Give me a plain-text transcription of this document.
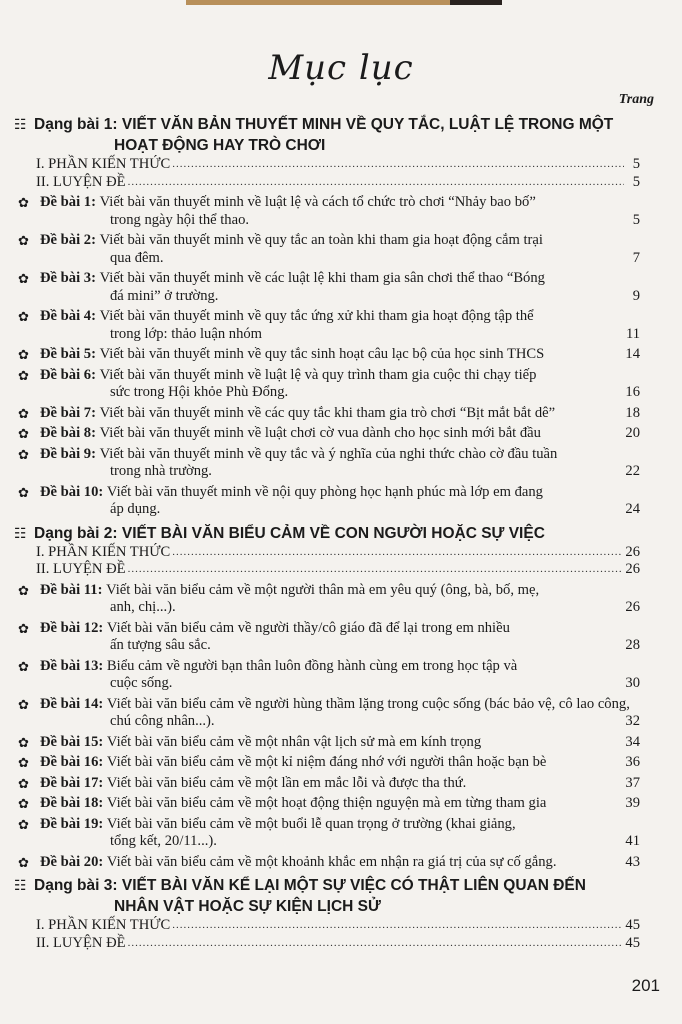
Mục lục
Trang
☷ Dạng bài 1: VIẾT VĂN BẢN THUYẾT MINH VỀ QUY TẮC, LUẬT LỆ TRONG MỘT
HOẠT ĐỘNG HAY TRÒ CHƠI
I. PHẦN KIẾN THỨC .....	5
II. LUYỆN ĐỀ .....	5
✿ Đề bài 1:
Viết bài văn thuyết minh về luật lệ và cách tổ chức trò chơi “Nhảy bao bố”
trong ngày hội thể thao.	5
✿ Đề bài 2:
Viết bài văn thuyết minh về quy tắc an toàn khi tham gia hoạt động cắm trại
qua đêm.	7
✿ Đề bài 3:
Viết bài văn thuyết minh về các luật lệ khi tham gia sân chơi thể thao “Bóng
đá mini” ở trường.	9
✿ Đề bài 4:
Viết bài văn thuyết minh về quy tắc ứng xử khi tham gia hoạt động tập thể
trong lớp: thảo luận nhóm	11
✿ Đề bài 5:
Viết bài văn thuyết minh về quy tắc sinh hoạt câu lạc bộ của học sinh THCS	14
✿ Đề bài 6:
Viết bài văn thuyết minh về luật lệ và quy trình tham gia cuộc thi chạy tiếp
sức trong Hội khỏe Phù Đổng.	16
✿ Đề bài 7:
Viết bài văn thuyết minh về các quy tắc khi tham gia trò chơi “Bịt mắt bắt dê”	18
✿ Đề bài 8:
Viết bài văn thuyết minh về luật chơi cờ vua dành cho học sinh mới bắt đầu	20
✿ Đề bài 9:
Viết bài văn thuyết minh về quy tắc và ý nghĩa của nghi thức chào cờ đầu tuần
trong nhà trường.	22
✿ Đề bài 10:
Viết bài văn thuyết minh về nội quy phòng học hạnh phúc mà lớp em đang
áp dụng.	24
☷ Dạng bài 2: VIẾT BÀI VĂN BIỂU CẢM VỀ CON NGƯỜI HOẶC SỰ VIỆC
I. PHẦN KIẾN THỨC .....	26
II. LUYỆN ĐỀ .....	26
✿ Đề bài 11:
Viết bài văn biểu cảm về một người thân mà em yêu quý (ông, bà, bố, mẹ,
anh, chị...).	26
✿ Đề bài 12:
Viết bài văn biểu cảm về người thầy/cô giáo đã để lại trong em nhiều
ấn tượng sâu sắc.	28
✿ Đề bài 13:
Biểu cảm về người bạn thân luôn đồng hành cùng em trong học tập và
cuộc sống.	30
✿ Đề bài 14:
Viết bài văn biểu cảm về người hùng thầm lặng trong cuộc sống (bác bảo vệ, cô lao công,
chú công nhân...).	32
✿ Đề bài 15:
Viết bài văn biểu cảm về một nhân vật lịch sử mà em kính trọng	34
✿ Đề bài 16:
Viết bài văn biểu cảm về một kỉ niệm đáng nhớ với người thân hoặc bạn bè	36
✿ Đề bài 17:
Viết bài văn biểu cảm về một lần em mắc lỗi và được tha thứ.	37
✿ Đề bài 18:
Viết bài văn biểu cảm về một hoạt động thiện nguyện mà em từng tham gia	39
✿ Đề bài 19:
Viết bài văn biểu cảm về một buổi lễ quan trọng ở trường (khai giảng,
tổng kết, 20/11...).	41
✿ Đề bài 20:
Viết bài văn biểu cảm về một khoảnh khắc em nhận ra giá trị của sự cố gắng.	43
☷ Dạng bài 3: VIẾT BÀI VĂN KỂ LẠI MỘT SỰ VIỆC CÓ THẬT LIÊN QUAN ĐẾN
NHÂN VẬT HOẶC SỰ KIỆN LỊCH SỬ
I. PHẦN KIẾN THỨC .....	45
II. LUYỆN ĐỀ .....	45
201
